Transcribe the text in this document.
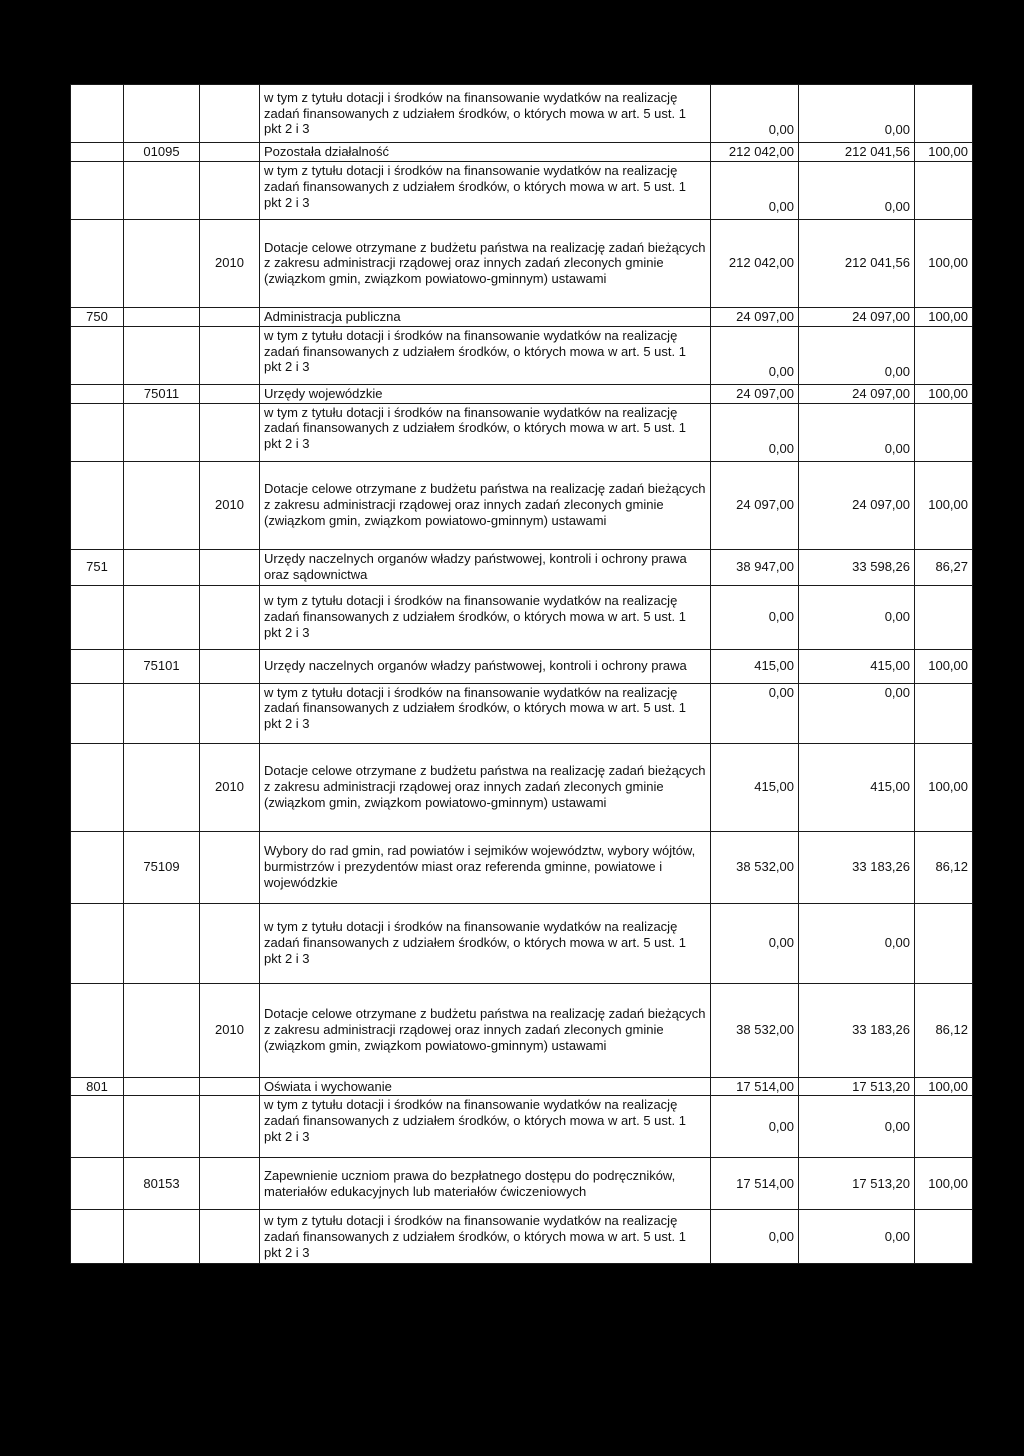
			w tym z tytułu dotacji i środków na finansowanie wydatków na realizację zadań finansowanych z udziałem środków, o których mowa w art. 5 ust. 1 pkt 2 i 3	0,00	0,00	
	01095		Pozostała działalność	212 042,00	212 041,56	100,00
			w tym z tytułu dotacji i środków na finansowanie wydatków na realizację zadań finansowanych z udziałem środków, o których mowa w art. 5 ust. 1 pkt 2 i 3	0,00	0,00	
		2010	Dotacje celowe otrzymane z budżetu państwa na realizację zadań bieżących z zakresu administracji rządowej oraz innych zadań zleconych gminie (związkom gmin, związkom powiatowo-gminnym) ustawami	212 042,00	212 041,56	100,00
750			Administracja publiczna	24 097,00	24 097,00	100,00
			w tym z tytułu dotacji i środków na finansowanie wydatków na realizację zadań finansowanych z udziałem środków, o których mowa w art. 5 ust. 1 pkt 2 i 3	0,00	0,00	
	75011		Urzędy wojewódzkie	24 097,00	24 097,00	100,00
			w tym z tytułu dotacji i środków na finansowanie wydatków na realizację zadań finansowanych z udziałem środków, o których mowa w art. 5 ust. 1 pkt 2 i 3	0,00	0,00	
		2010	Dotacje celowe otrzymane z budżetu państwa na realizację zadań bieżących z zakresu administracji rządowej oraz innych zadań zleconych gminie (związkom gmin, związkom powiatowo-gminnym) ustawami	24 097,00	24 097,00	100,00
751			Urzędy naczelnych organów władzy państwowej, kontroli i ochrony prawa oraz sądownictwa	38 947,00	33 598,26	86,27
			w tym z tytułu dotacji i środków na finansowanie wydatków na realizację zadań finansowanych z udziałem środków, o których mowa w art. 5 ust. 1 pkt 2 i 3	0,00	0,00	
	75101		Urzędy naczelnych organów władzy państwowej, kontroli i ochrony prawa	415,00	415,00	100,00
			w tym z tytułu dotacji i środków na finansowanie wydatków na realizację zadań finansowanych z udziałem środków, o których mowa w art. 5 ust. 1 pkt 2 i 3	0,00	0,00	
		2010	Dotacje celowe otrzymane z budżetu państwa na realizację zadań bieżących z zakresu administracji rządowej oraz innych zadań zleconych gminie (związkom gmin, związkom powiatowo-gminnym) ustawami	415,00	415,00	100,00
	75109		Wybory do rad gmin, rad powiatów i sejmików województw, wybory wójtów, burmistrzów i prezydentów miast oraz referenda gminne, powiatowe i wojewódzkie	38 532,00	33 183,26	86,12
			w tym z tytułu dotacji i środków na finansowanie wydatków na realizację zadań finansowanych z udziałem środków, o których mowa w art. 5 ust. 1 pkt 2 i 3	0,00	0,00	
		2010	Dotacje celowe otrzymane z budżetu państwa na realizację zadań bieżących z zakresu administracji rządowej oraz innych zadań zleconych gminie (związkom gmin, związkom powiatowo-gminnym) ustawami	38 532,00	33 183,26	86,12
801			Oświata i wychowanie	17 514,00	17 513,20	100,00
			w tym z tytułu dotacji i środków na finansowanie wydatków na realizację zadań finansowanych z udziałem środków, o których mowa w art. 5 ust. 1 pkt 2 i 3	0,00	0,00	
	80153		Zapewnienie uczniom prawa do bezpłatnego dostępu do podręczników, materiałów edukacyjnych lub materiałów ćwiczeniowych	17 514,00	17 513,20	100,00
			w tym z tytułu dotacji i środków na finansowanie wydatków na realizację zadań finansowanych z udziałem środków, o których mowa w art. 5 ust. 1 pkt 2 i 3	0,00	0,00	
